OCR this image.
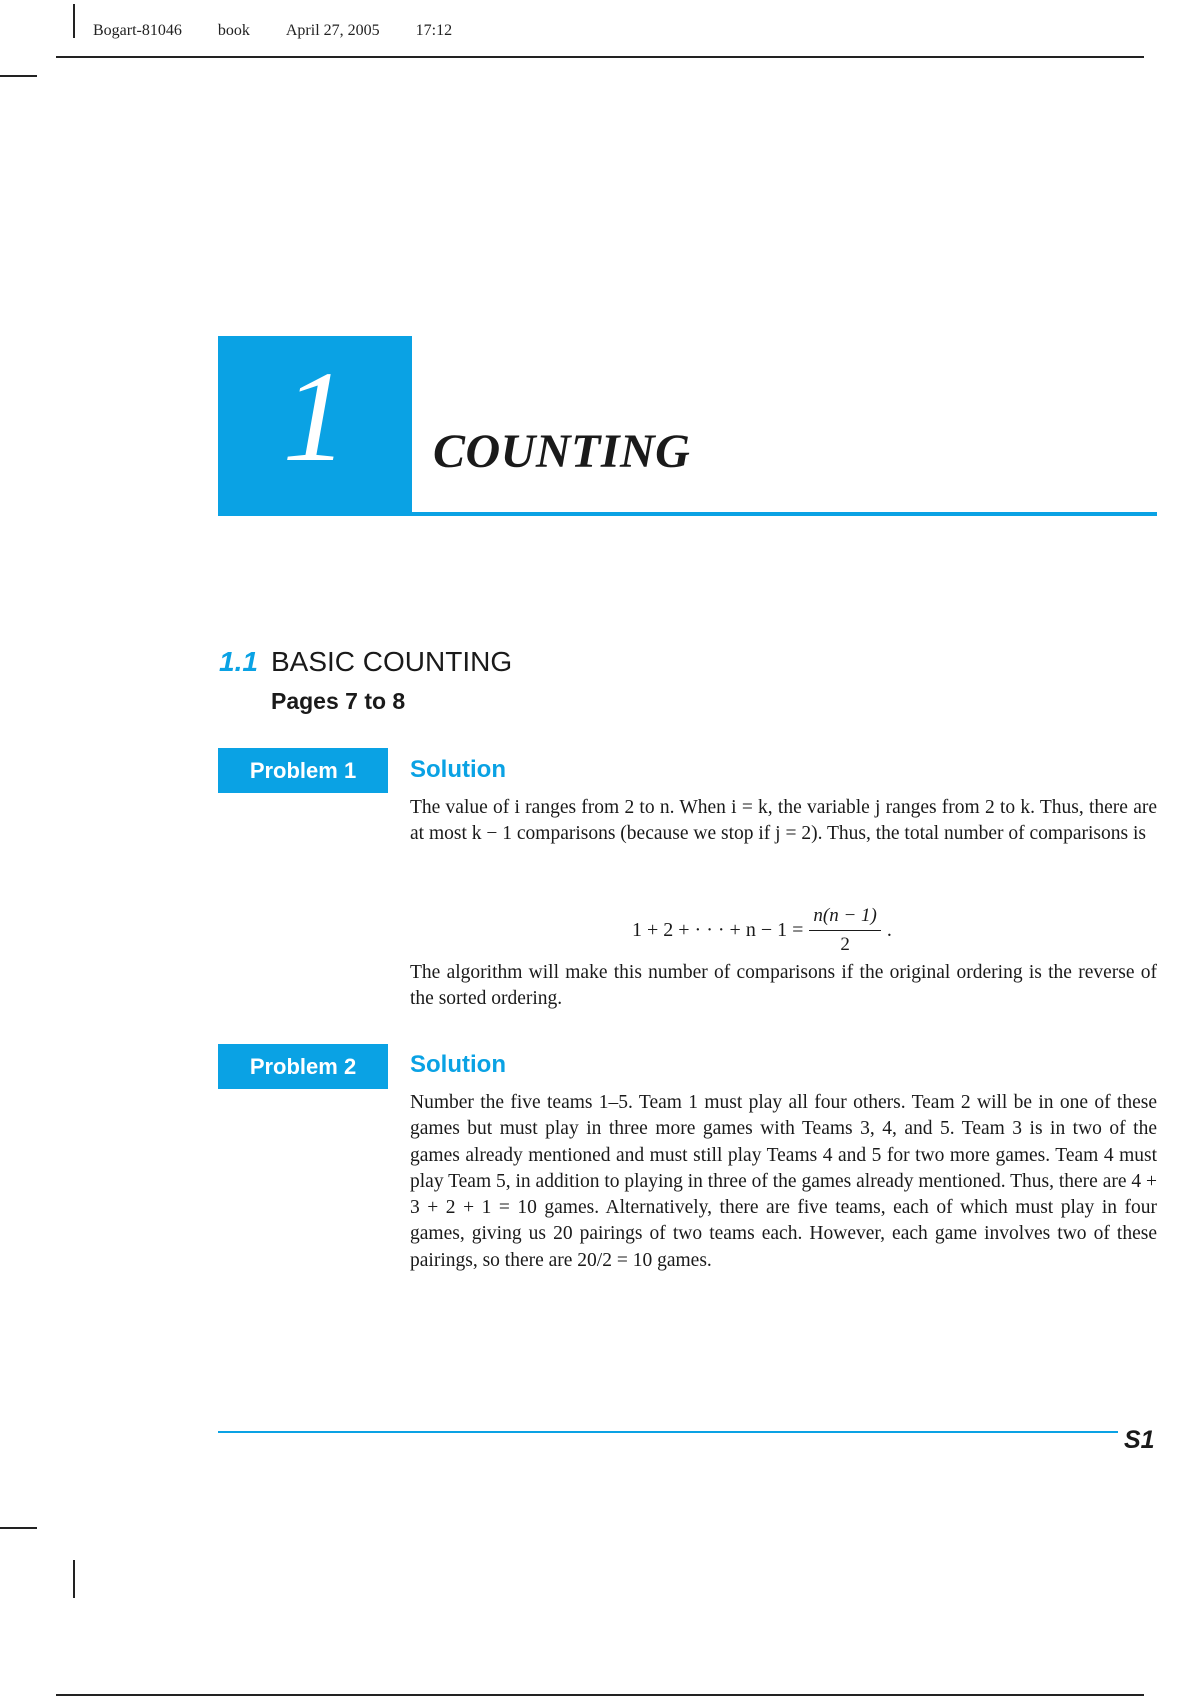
Bogart-81046 book April 27, 2005 17:12
1	COUNTING
1.1 BASIC COUNTING
Pages 7 to 8
Problem 1	Solution
The value of i ranges from 2 to n. When i = k, the variable j ranges from 2 to k. Thus, there are at most k − 1 comparisons (because we stop if j = 2). Thus, the total number of comparisons is
1 + 2 + · · · + $n - 1 = \frac{n(n - 1)}{2}$ .
The algorithm will make this number of comparisons if the original ordering is the reverse of the sorted ordering.
Problem 2	Solution
Number the five teams 1–5. Team 1 must play all four others. Team 2 will be in one of these games but must play in three more games with Teams 3, 4, and 5. Team 3 is in two of the games already mentioned and must still play Teams 4 and 5 for two more games. Team 4 must play Team 5, in addition to playing in three of the games already mentioned. Thus, there are 4 + 3 + 2 + 1 = 10 games. Alternatively, there are five teams, each of which must play in four games, giving us 20 pairings of two teams each. However, each game involves two of these pairings, so there are 20/2 = 10 games.
S1
